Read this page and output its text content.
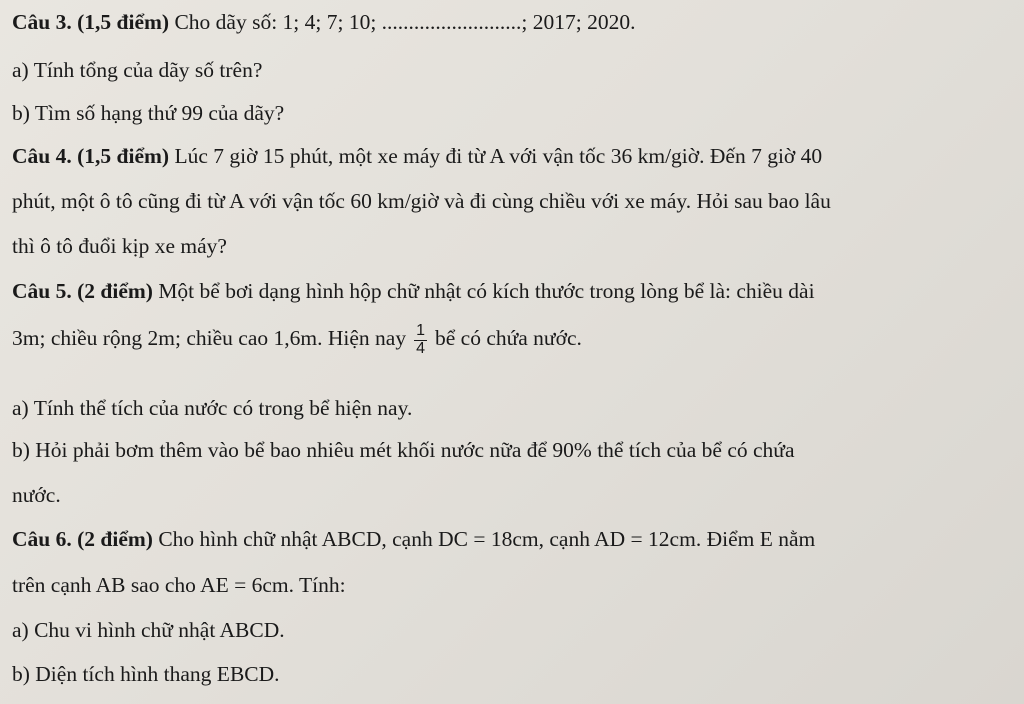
Câu 3. (1,5 điểm) Cho dãy số: 1; 4; 7; 10; ..........................; 2017; 2020.
a) Tính tổng của dãy số trên?
b) Tìm số hạng thứ 99 của dãy?
Câu 4. (1,5 điểm) Lúc 7 giờ 15 phút, một xe máy đi từ A với vận tốc 36 km/giờ. Đến 7 giờ 40
phút, một ô tô cũng đi từ A với vận tốc 60 km/giờ và đi cùng chiều với xe máy. Hỏi sau bao lâu
thì ô tô đuổi kịp xe máy?
Câu 5. (2 điểm) Một bể bơi dạng hình hộp chữ nhật có kích thước trong lòng bể là: chiều dài
3m; chiều rộng 2m; chiều cao 1,6m. Hiện nay $\frac{1}{4}$ bể có chứa nước.
a) Tính thể tích của nước có trong bể hiện nay.
b) Hỏi phải bơm thêm vào bể bao nhiêu mét khối nước nữa để 90% thể tích của bể có chứa
nước.
Câu 6. (2 điểm) Cho hình chữ nhật ABCD, cạnh DC = 18cm, cạnh AD = 12cm. Điểm E nằm
trên cạnh AB sao cho AE = 6cm. Tính:
a) Chu vi hình chữ nhật ABCD.
b) Diện tích hình thang EBCD.
